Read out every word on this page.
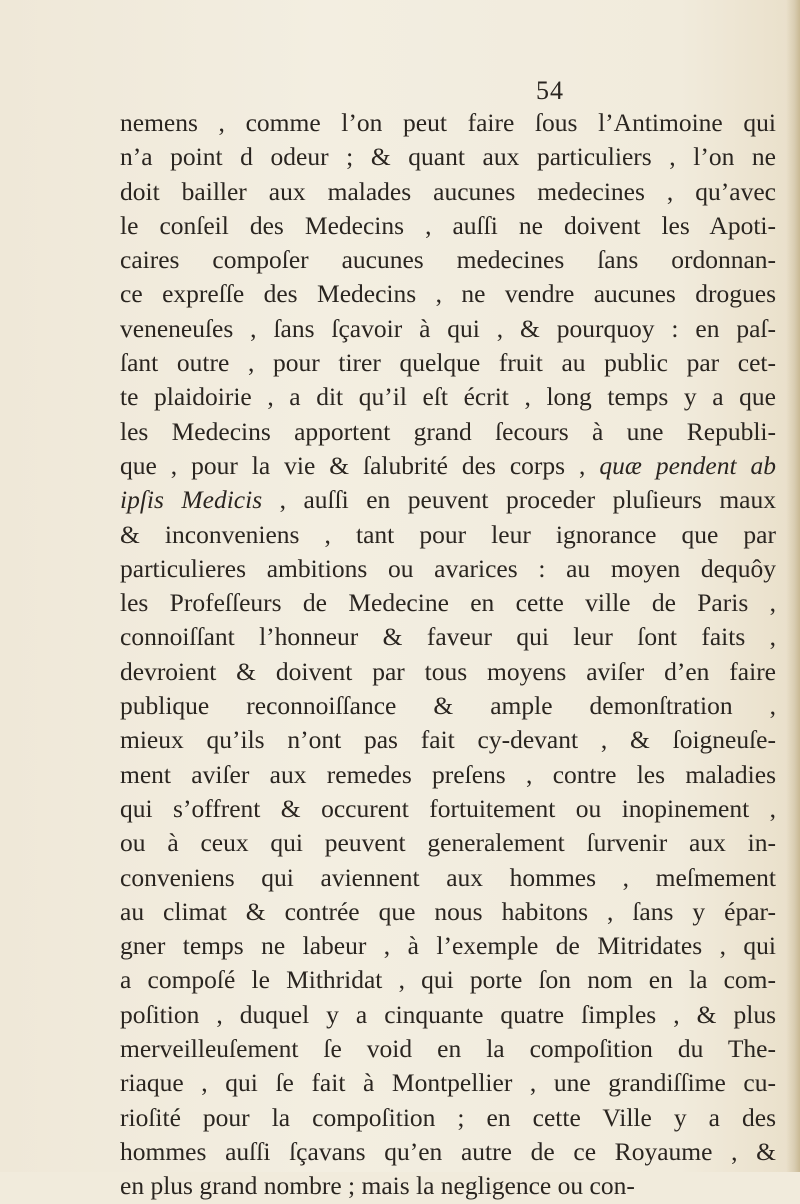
54
nemens , comme l’on peut faire ſous l’Antimoine qui
n’a point d odeur ; & quant aux particuliers , l’on ne
doit bailler aux malades aucunes medecines , qu’avec
le conſeil des Medecins , auſſi ne doivent les Apoti-
caires compoſer aucunes medecines ſans ordonnan-
ce expreſſe des Medecins , ne vendre aucunes drogues
veneneuſes , ſans ſçavoir à qui , & pourquoy : en paſ-
ſant outre , pour tirer quelque fruit au public par cet-
te plaidoirie , a dit qu’il eſt écrit , long temps y a que
les Medecins apportent grand ſecours à une Republi-
que , pour la vie & ſalubrité des corps , quæ pendent ab
ipſis Medicis , auſſi en peuvent proceder pluſieurs maux
& inconveniens , tant pour leur ignorance que par
particulieres ambitions ou avarices : au moyen dequôy
les Profeſſeurs de Medecine en cette ville de Paris ,
connoiſſant l’honneur & faveur qui leur ſont faits ,
devroient & doivent par tous moyens aviſer d’en faire
publique reconnoiſſance & ample demonſtration ,
mieux qu’ils n’ont pas fait cy-devant , & ſoigneuſe-
ment aviſer aux remedes preſens , contre les maladies
qui s’offrent & occurent fortuitement ou inopinement ,
ou à ceux qui peuvent generalement ſurvenir aux in-
conveniens qui aviennent aux hommes , meſmement
au climat & contrée que nous habitons , ſans y épar-
gner temps ne labeur , à l’exemple de Mitridates , qui
a compoſé le Mithridat , qui porte ſon nom en la com-
poſition , duquel y a cinquante quatre ſimples , & plus
merveilleuſement ſe void en la compoſition du The-
riaque , qui ſe fait à Montpellier , une grandiſſime cu-
rioſité pour la compoſition ; en cette Ville y a des
hommes auſſi ſçavans qu’en autre de ce Royaume , &
en plus grand nombre ; mais la negligence ou con-
